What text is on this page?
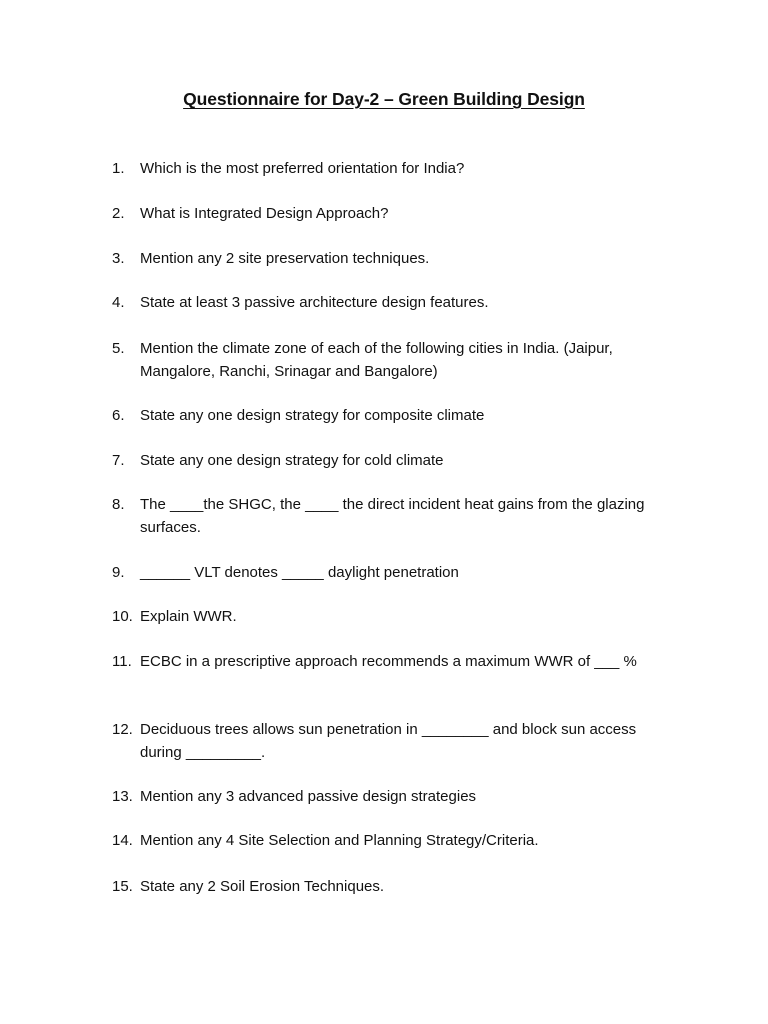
Questionnaire for Day-2 – Green Building Design
1.	Which is the most preferred orientation for India?
2.	What is Integrated Design Approach?
3.	Mention any 2 site preservation techniques.
4.	State at least 3 passive architecture design features.
5.	Mention the climate zone of each of the following cities in India. (Jaipur, Mangalore, Ranchi, Srinagar and Bangalore)
6.	State any one design strategy for composite climate
7.	State any one design strategy for cold climate
8.	The ____the SHGC, the ____ the direct incident heat gains from the glazing surfaces.
9.	______ VLT denotes _____ daylight penetration
10. Explain WWR.
11. ECBC in a prescriptive approach recommends a maximum WWR of ___ %
12. Deciduous trees allows sun penetration in ________ and block sun access during _________.
13. Mention any 3 advanced passive design strategies
14. Mention any 4 Site Selection and Planning Strategy/Criteria.
15. State any 2 Soil Erosion Techniques.
